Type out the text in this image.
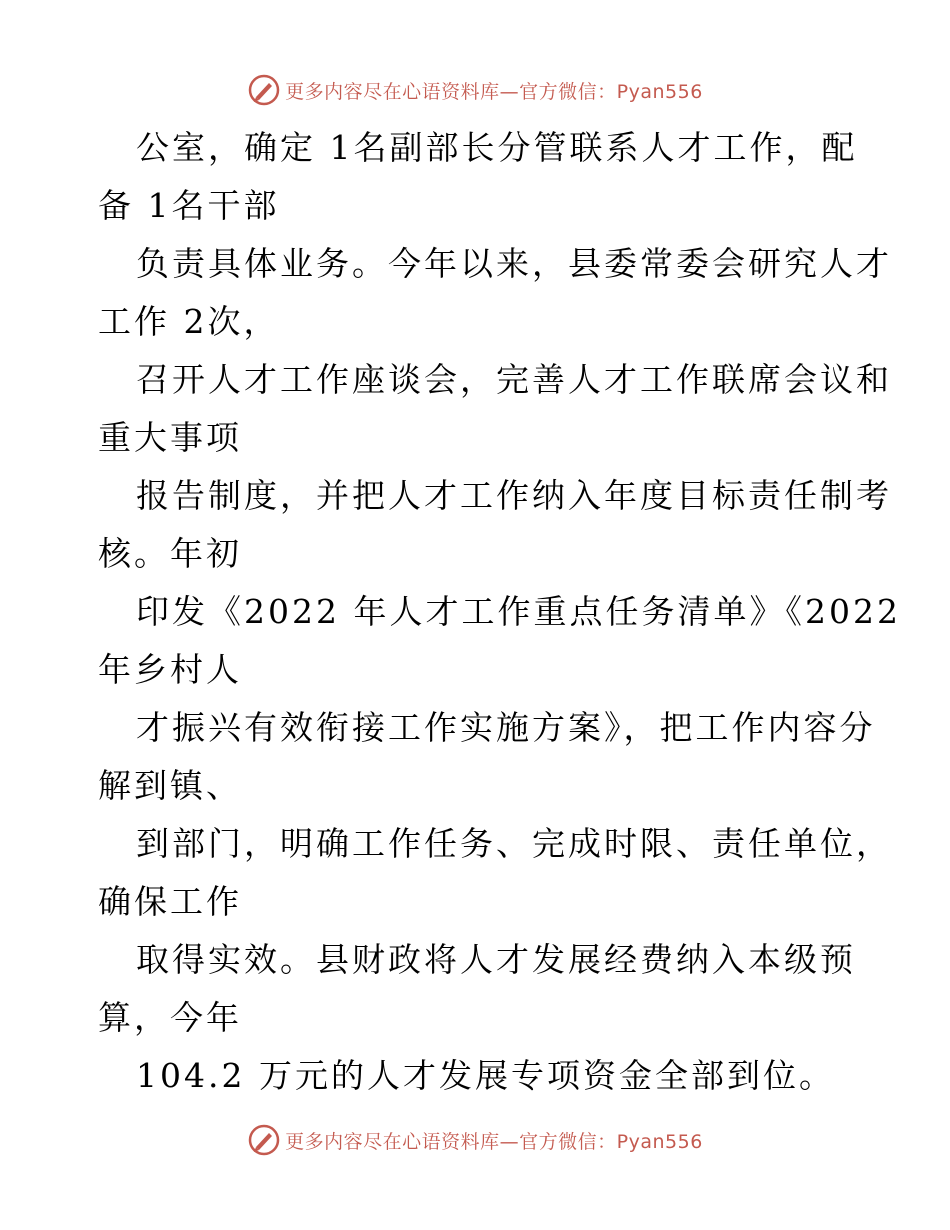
更多内容尽在心语资料库—官方微信：Pyan556
公室，确定 1名副部长分管联系人才工作，配
备 1名干部
负责具体业务。今年以来，县委常委会研究人才
工作 2次，
召开人才工作座谈会，完善人才工作联席会议和
重大事项
报告制度，并把人才工作纳入年度目标责任制考
核。年初
印发《2022 年人才工作重点任务清单》《2022
年乡村人
才振兴有效衔接工作实施方案》，把工作内容分
解到镇、
到部门，明确工作任务、完成时限、责任单位，
确保工作
取得实效。县财政将人才发展经费纳入本级预
算，今年
104.2 万元的人才发展专项资金全部到位。
更多内容尽在心语资料库—官方微信：Pyan556
